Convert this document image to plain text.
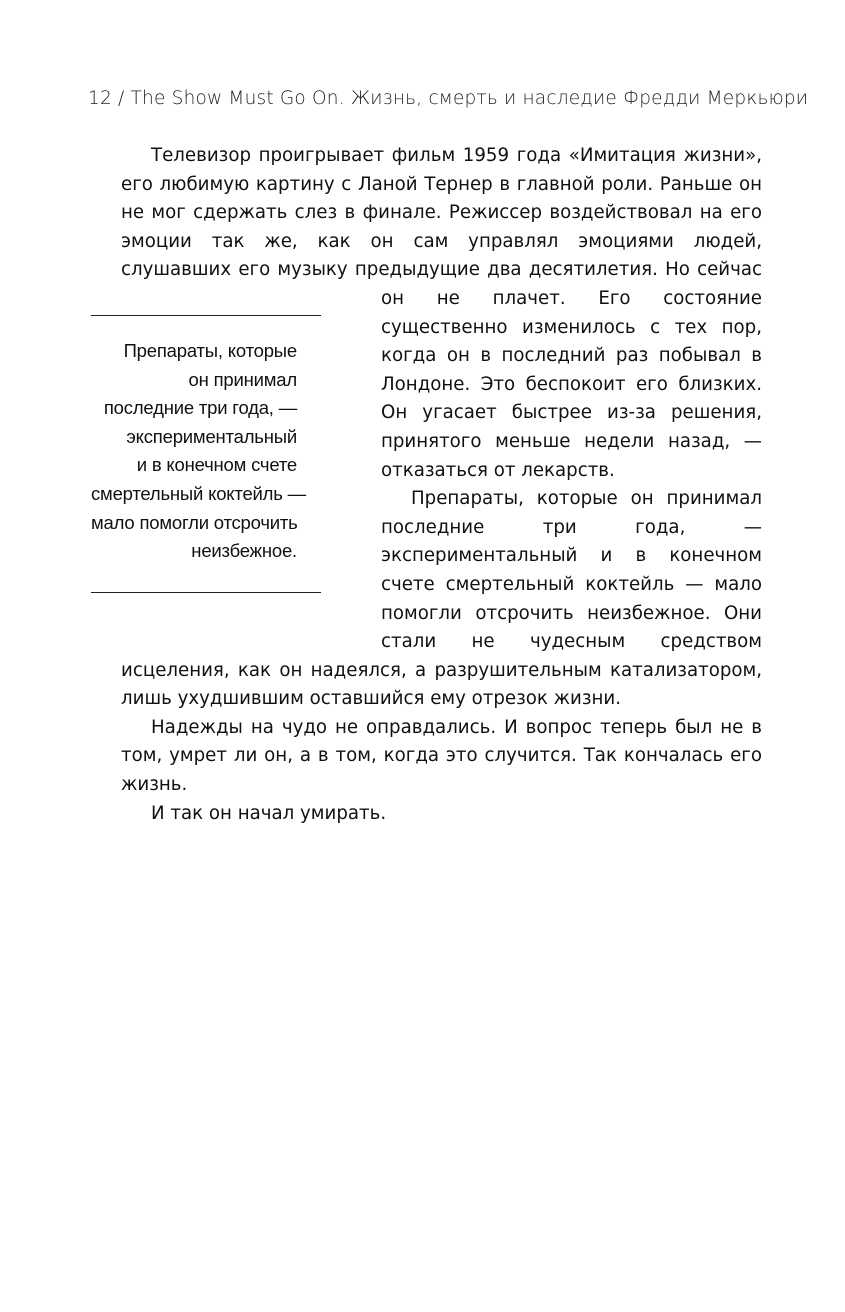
12 / The Show Must Go On. Жизнь, смерть и наследие Фредди Меркьюри

Телевизор проигрывает фильм 1959 года «Имитация жизни», его любимую картину с Ланой Тернер в главной роли. Раньше он не мог сдержать слез в финале. Режиссер воздействовал на его эмоции так же, как он сам управлял эмоциями людей, слушавших его музыку предыдущие два десятилетия. Но сейчас он не плачет. Его состояние существенно изменилось с тех пор, когда он в последний раз побывал в Лондоне. Это беспокоит его близких. Он угасает быстрее из-за решения, принятого меньше недели назад, — отказаться от лекарств.

Препараты, которые он принимал последние три года, — экспериментальный и в конечном счете смертельный коктейль — мало помогли отсрочить неизбежное. Они стали не чудесным средством исцеления, как он надеялся, а разрушительным катализатором, лишь ухудшившим оставшийся ему отрезок жизни.

Надежды на чудо не оправдались. И вопрос теперь был не в том, умрет ли он, а в том, когда это случится. Так кончалась его жизнь.

И так он начал умирать.

Препараты, которые
он принимал
последние три года, —
экспериментальный
и в конечном счете
смертельный коктейль —
мало помогли отсрочить
неизбежное.
